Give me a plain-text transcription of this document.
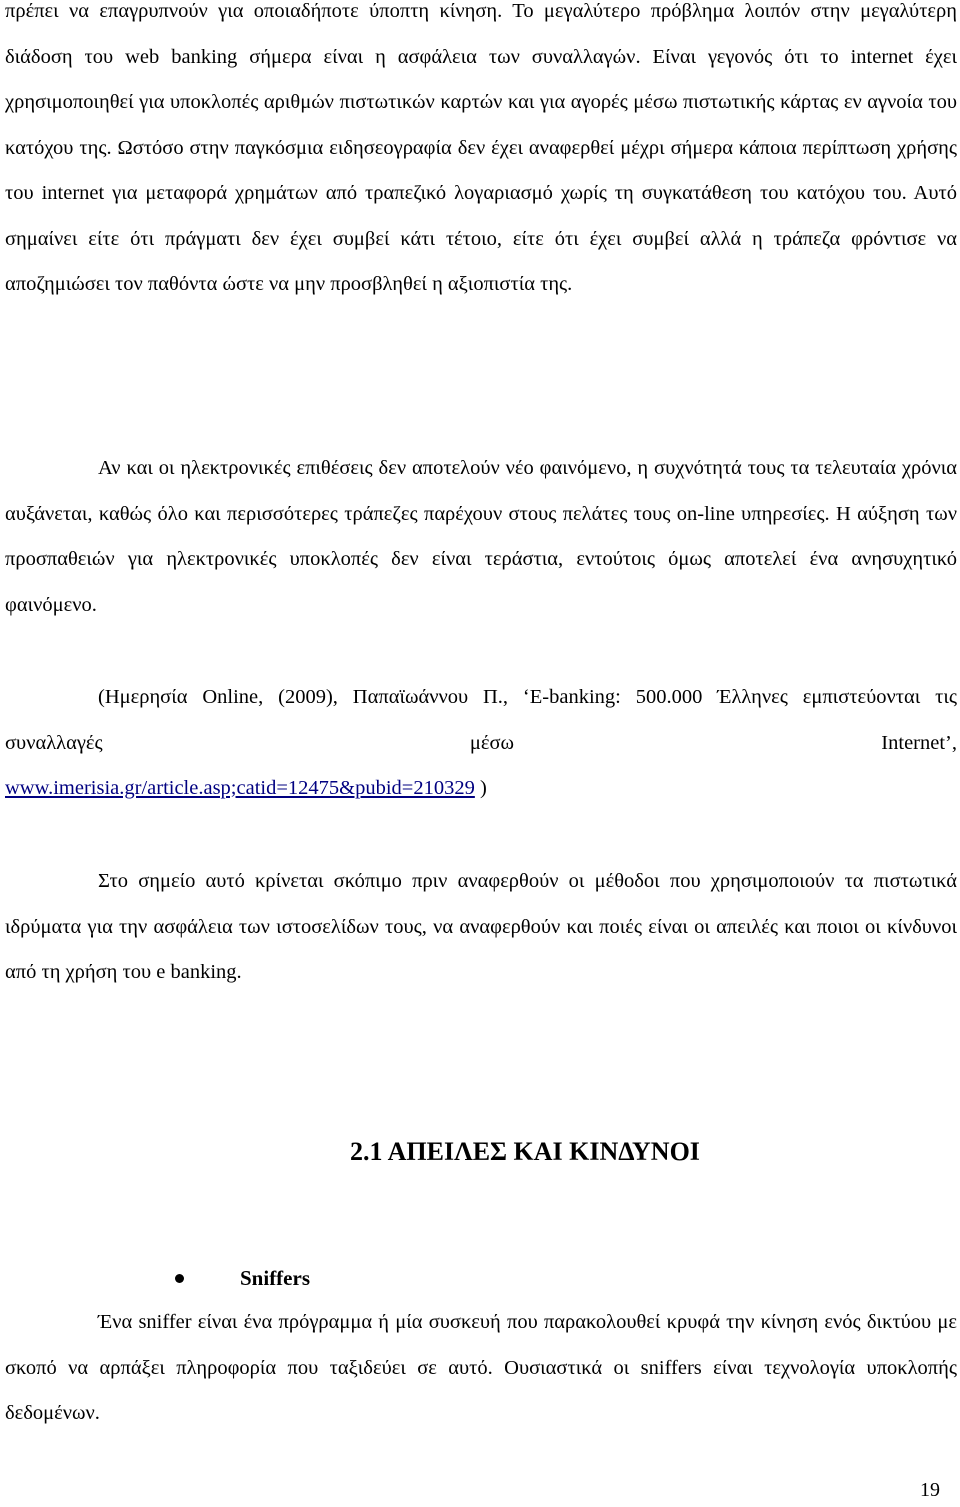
πρέπει να επαγρυπνούν για οποιαδήποτε ύποπτη κίνηση. Το μεγαλύτερο πρόβλημα λοιπόν στην μεγαλύτερη διάδοση του web banking σήμερα είναι η ασφάλεια των συναλλαγών. Είναι γεγονός ότι το internet έχει χρησιμοποιηθεί για υποκλοπές αριθμών πιστωτικών καρτών και για αγορές μέσω πιστωτικής κάρτας εν αγνοία του κατόχου της. Ωστόσο στην παγκόσμια ειδησεογραφία δεν έχει αναφερθεί μέχρι σήμερα κάποια περίπτωση χρήσης του internet για μεταφορά χρημάτων από τραπεζικό λογαριασμό χωρίς τη συγκατάθεση του κατόχου του. Αυτό σημαίνει είτε ότι πράγματι δεν έχει συμβεί κάτι τέτοιο, είτε ότι έχει συμβεί αλλά η τράπεζα φρόντισε να αποζημιώσει τον παθόντα ώστε να μην προσβληθεί η αξιοπιστία της.

Αν και οι ηλεκτρονικές επιθέσεις δεν αποτελούν νέο φαινόμενο, η συχνότητά τους τα τελευταία χρόνια αυξάνεται, καθώς όλο και περισσότερες τράπεζες παρέχουν στους πελάτες τους on-line υπηρεσίες. Η αύξηση των προσπαθειών για ηλεκτρονικές υποκλοπές δεν είναι τεράστια, εντούτοις όμως αποτελεί ένα ανησυχητικό φαινόμενο.

(Ημερησία Online, (2009), Παπαϊωάννου Π., ‘E-banking: 500.000 Έλληνες εμπιστεύονται τις συναλλαγές μέσω Internet’,

www.imerisia.gr/article.asp;catid=12475&pubid=210329 )

Στο σημείο αυτό κρίνεται σκόπιμο πριν αναφερθούν οι μέθοδοι που χρησιμοποιούν τα πιστωτικά ιδρύματα για την ασφάλεια των ιστοσελίδων τους, να αναφερθούν και ποιές είναι οι απειλές και ποιοι οι κίνδυνοι από τη χρήση του e banking.

2.1 ΑΠΕΙΛΕΣ ΚΑΙ ΚΙΝΔΥΝΟΙ
Sniffers

Ένα sniffer είναι ένα πρόγραμμα ή μία συσκευή που παρακολουθεί κρυφά την κίνηση ενός δικτύου με σκοπό να αρπάξει πληροφορία που ταξιδεύει σε αυτό. Ουσιαστικά οι sniffers είναι τεχνολογία υποκλοπής δεδομένων.

19
